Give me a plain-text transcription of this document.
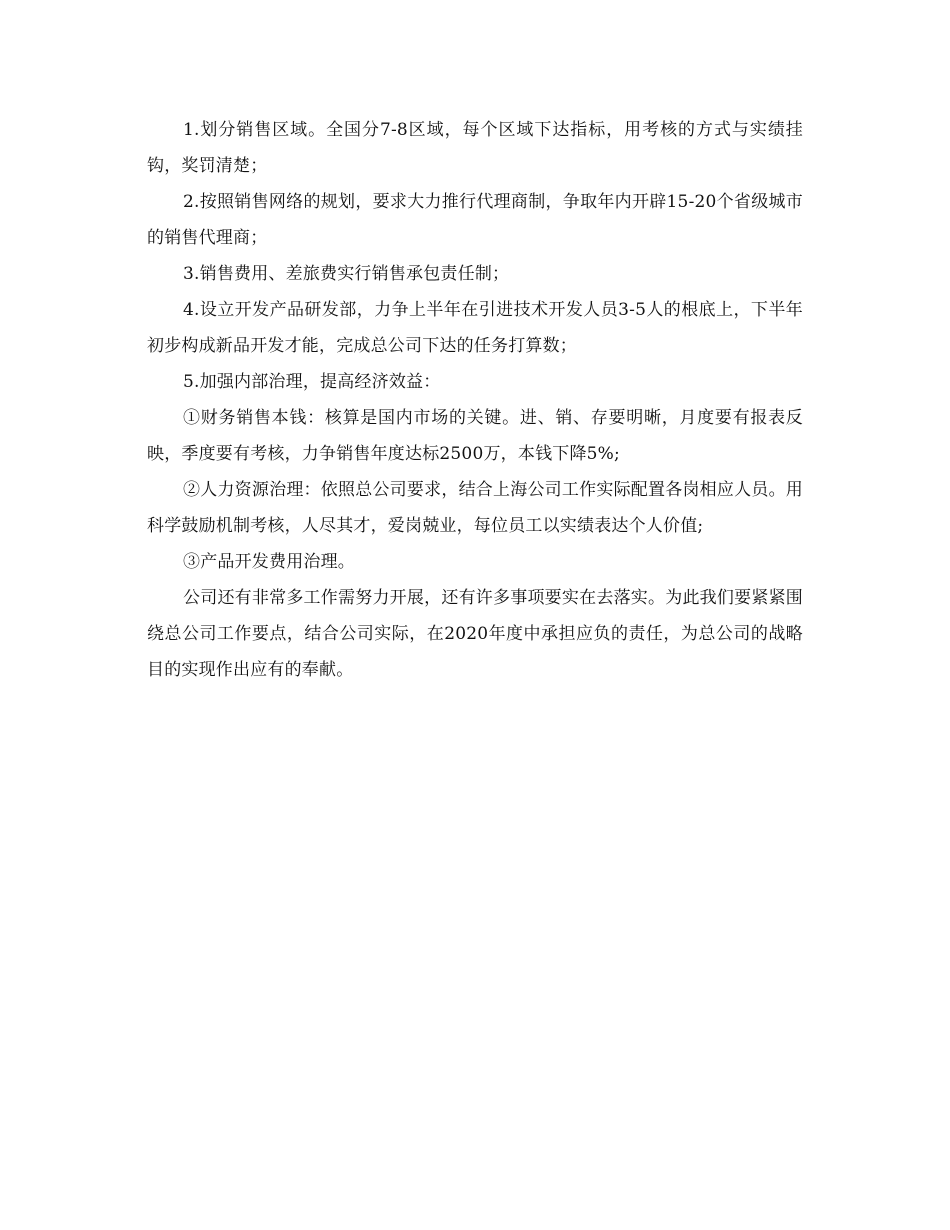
1.划分销售区域。全国分7-8区域，每个区域下达指标，用考核的方式与实绩挂钩，奖罚清楚；

2.按照销售网络的规划，要求大力推行代理商制，争取年内开辟15-20个省级城市的销售代理商；

3.销售费用、差旅费实行销售承包责任制；

4.设立开发产品研发部，力争上半年在引进技术开发人员3-5人的根底上，下半年初步构成新品开发才能，完成总公司下达的任务打算数；

5.加强内部治理，提高经济效益：

①财务销售本钱：核算是国内市场的关键。进、销、存要明晰，月度要有报表反映，季度要有考核，力争销售年度达标2500万，本钱下降5%;

②人力资源治理：依照总公司要求，结合上海公司工作实际配置各岗相应人员。用科学鼓励机制考核，人尽其才，爱岗兢业，每位员工以实绩表达个人价值;

③产品开发费用治理。

公司还有非常多工作需努力开展，还有许多事项要实在去落实。为此我们要紧紧围绕总公司工作要点，结合公司实际，在2020年度中承担应负的责任，为总公司的战略目的实现作出应有的奉献。
